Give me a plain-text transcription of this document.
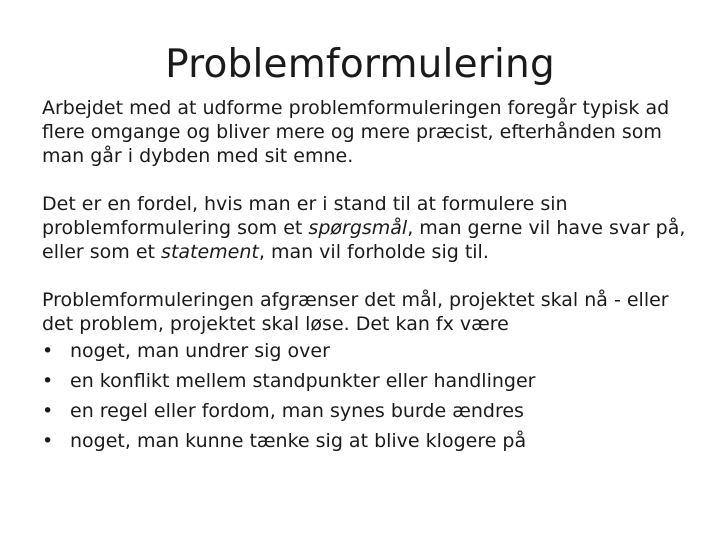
Problemformulering

Arbejdet med at udforme problemformuleringen foregår typisk ad flere omgange og bliver mere og mere præcist, efterhånden som man går i dybden med sit emne.

Det er en fordel, hvis man er i stand til at formulere sin problemformulering som et spørgsmål, man gerne vil have svar på, eller som et statement, man vil forholde sig til.

Problemformuleringen afgrænser det mål, projektet skal nå - eller det problem, projektet skal løse. Det kan fx være

• noget, man undrer sig over
• en konflikt mellem standpunkter eller handlinger
• en regel eller fordom, man synes burde ændres
• noget, man kunne tænke sig at blive klogere på
